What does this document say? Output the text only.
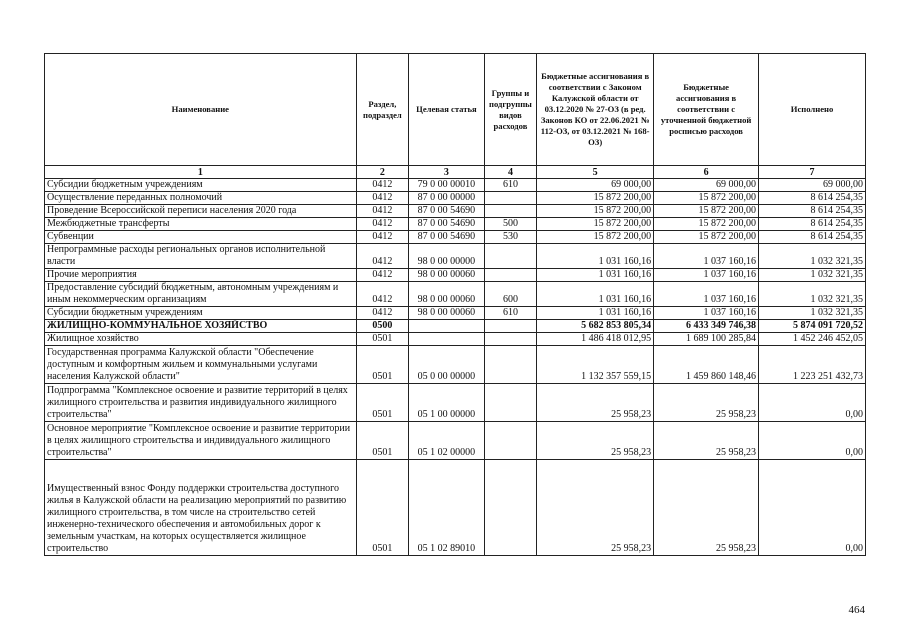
Наименование	Раздел, подраздел	Целевая статья	Группы и подгруппы видов расходов	Бюджетные ассигнования в соответствии с Законом Калужской области от 03.12.2020 № 27-ОЗ (в ред. Законов КО от 22.06.2021 № 112-ОЗ, от 03.12.2021 № 168-ОЗ)	Бюджетные ассигнования в соответствии с уточненной бюджетной росписью расходов	Исполнено
1	2	3	4	5	6	7
Субсидии бюджетным учреждениям	0412	79 0 00 00010	610	69 000,00	69 000,00	69 000,00
Осуществление переданных полномочий	0412	87 0 00 00000		15 872 200,00	15 872 200,00	8 614 254,35
Проведение Всероссийской переписи населения 2020 года	0412	87 0 00 54690		15 872 200,00	15 872 200,00	8 614 254,35
Межбюджетные трансферты	0412	87 0 00 54690	500	15 872 200,00	15 872 200,00	8 614 254,35
Субвенции	0412	87 0 00 54690	530	15 872 200,00	15 872 200,00	8 614 254,35
Непрограммные расходы региональных органов исполнительной власти	0412	98 0 00 00000		1 031 160,16	1 037 160,16	1 032 321,35
Прочие мероприятия	0412	98 0 00 00060		1 031 160,16	1 037 160,16	1 032 321,35
Предоставление субсидий бюджетным, автономным учреждениям и иным некоммерческим организациям	0412	98 0 00 00060	600	1 031 160,16	1 037 160,16	1 032 321,35
Субсидии бюджетным учреждениям	0412	98 0 00 00060	610	1 031 160,16	1 037 160,16	1 032 321,35
ЖИЛИЩНО-КОММУНАЛЬНОЕ ХОЗЯЙСТВО	0500			5 682 853 805,34	6 433 349 746,38	5 874 091 720,52
Жилищное хозяйство	0501			1 486 418 012,95	1 689 100 285,84	1 452 246 452,05
Государственная программа Калужской области "Обеспечение доступным и комфортным жильем и коммунальными услугами населения Калужской области"	0501	05 0 00 00000		1 132 357 559,15	1 459 860 148,46	1 223 251 432,73
Подпрограмма "Комплексное освоение и развитие территорий в целях жилищного строительства и развития индивидуального жилищного строительства"	0501	05 1 00 00000		25 958,23	25 958,23	0,00
Основное мероприятие "Комплексное освоение и развитие территории в целях жилищного строительства и индивидуального жилищного строительства"	0501	05 1 02 00000		25 958,23	25 958,23	0,00
Имущественный взнос Фонду поддержки строительства доступного жилья в Калужской области на реализацию мероприятий по развитию жилищного строительства, в том числе на строительство сетей инженерно-технического обеспечения и автомобильных дорог к земельным участкам, на которых осуществляется жилищное строительство	0501	05 1 02 89010		25 958,23	25 958,23	0,00
464
